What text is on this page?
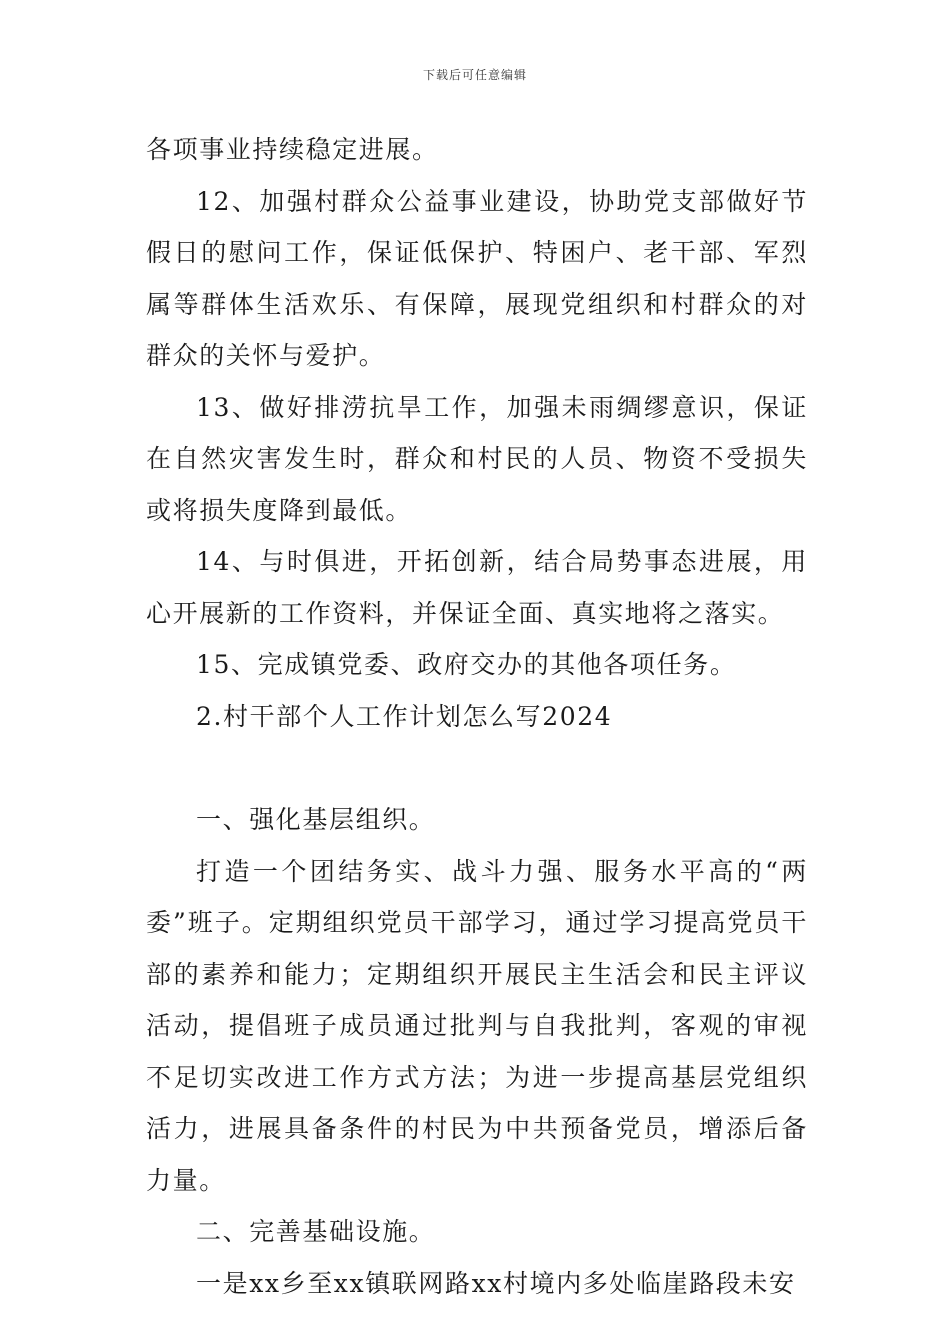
下载后可任意编辑

各项事业持续稳定进展。

12、加强村群众公益事业建设，协助党支部做好节假日的慰问工作，保证低保护、特困户、老干部、军烈属等群体生活欢乐、有保障，展现党组织和村群众的对群众的关怀与爱护。

13、做好排涝抗旱工作，加强未雨绸缪意识，保证在自然灾害发生时，群众和村民的人员、物资不受损失或将损失度降到最低。

14、与时俱进，开拓创新，结合局势事态进展，用心开展新的工作资料，并保证全面、真实地将之落实。

15、完成镇党委、政府交办的其他各项任务。

2.村干部个人工作计划怎么写2024

一、强化基层组织。

打造一个团结务实、战斗力强、服务水平高的“两委”班子。定期组织党员干部学习，通过学习提高党员干部的素养和能力；定期组织开展民主生活会和民主评议活动，提倡班子成员通过批判与自我批判，客观的审视不足切实改进工作方式方法；为进一步提高基层党组织活力，进展具备条件的村民为中共预备党员，增添后备力量。

二、完善基础设施。

一是xx乡至xx镇联网路xx村境内多处临崖路段未安
